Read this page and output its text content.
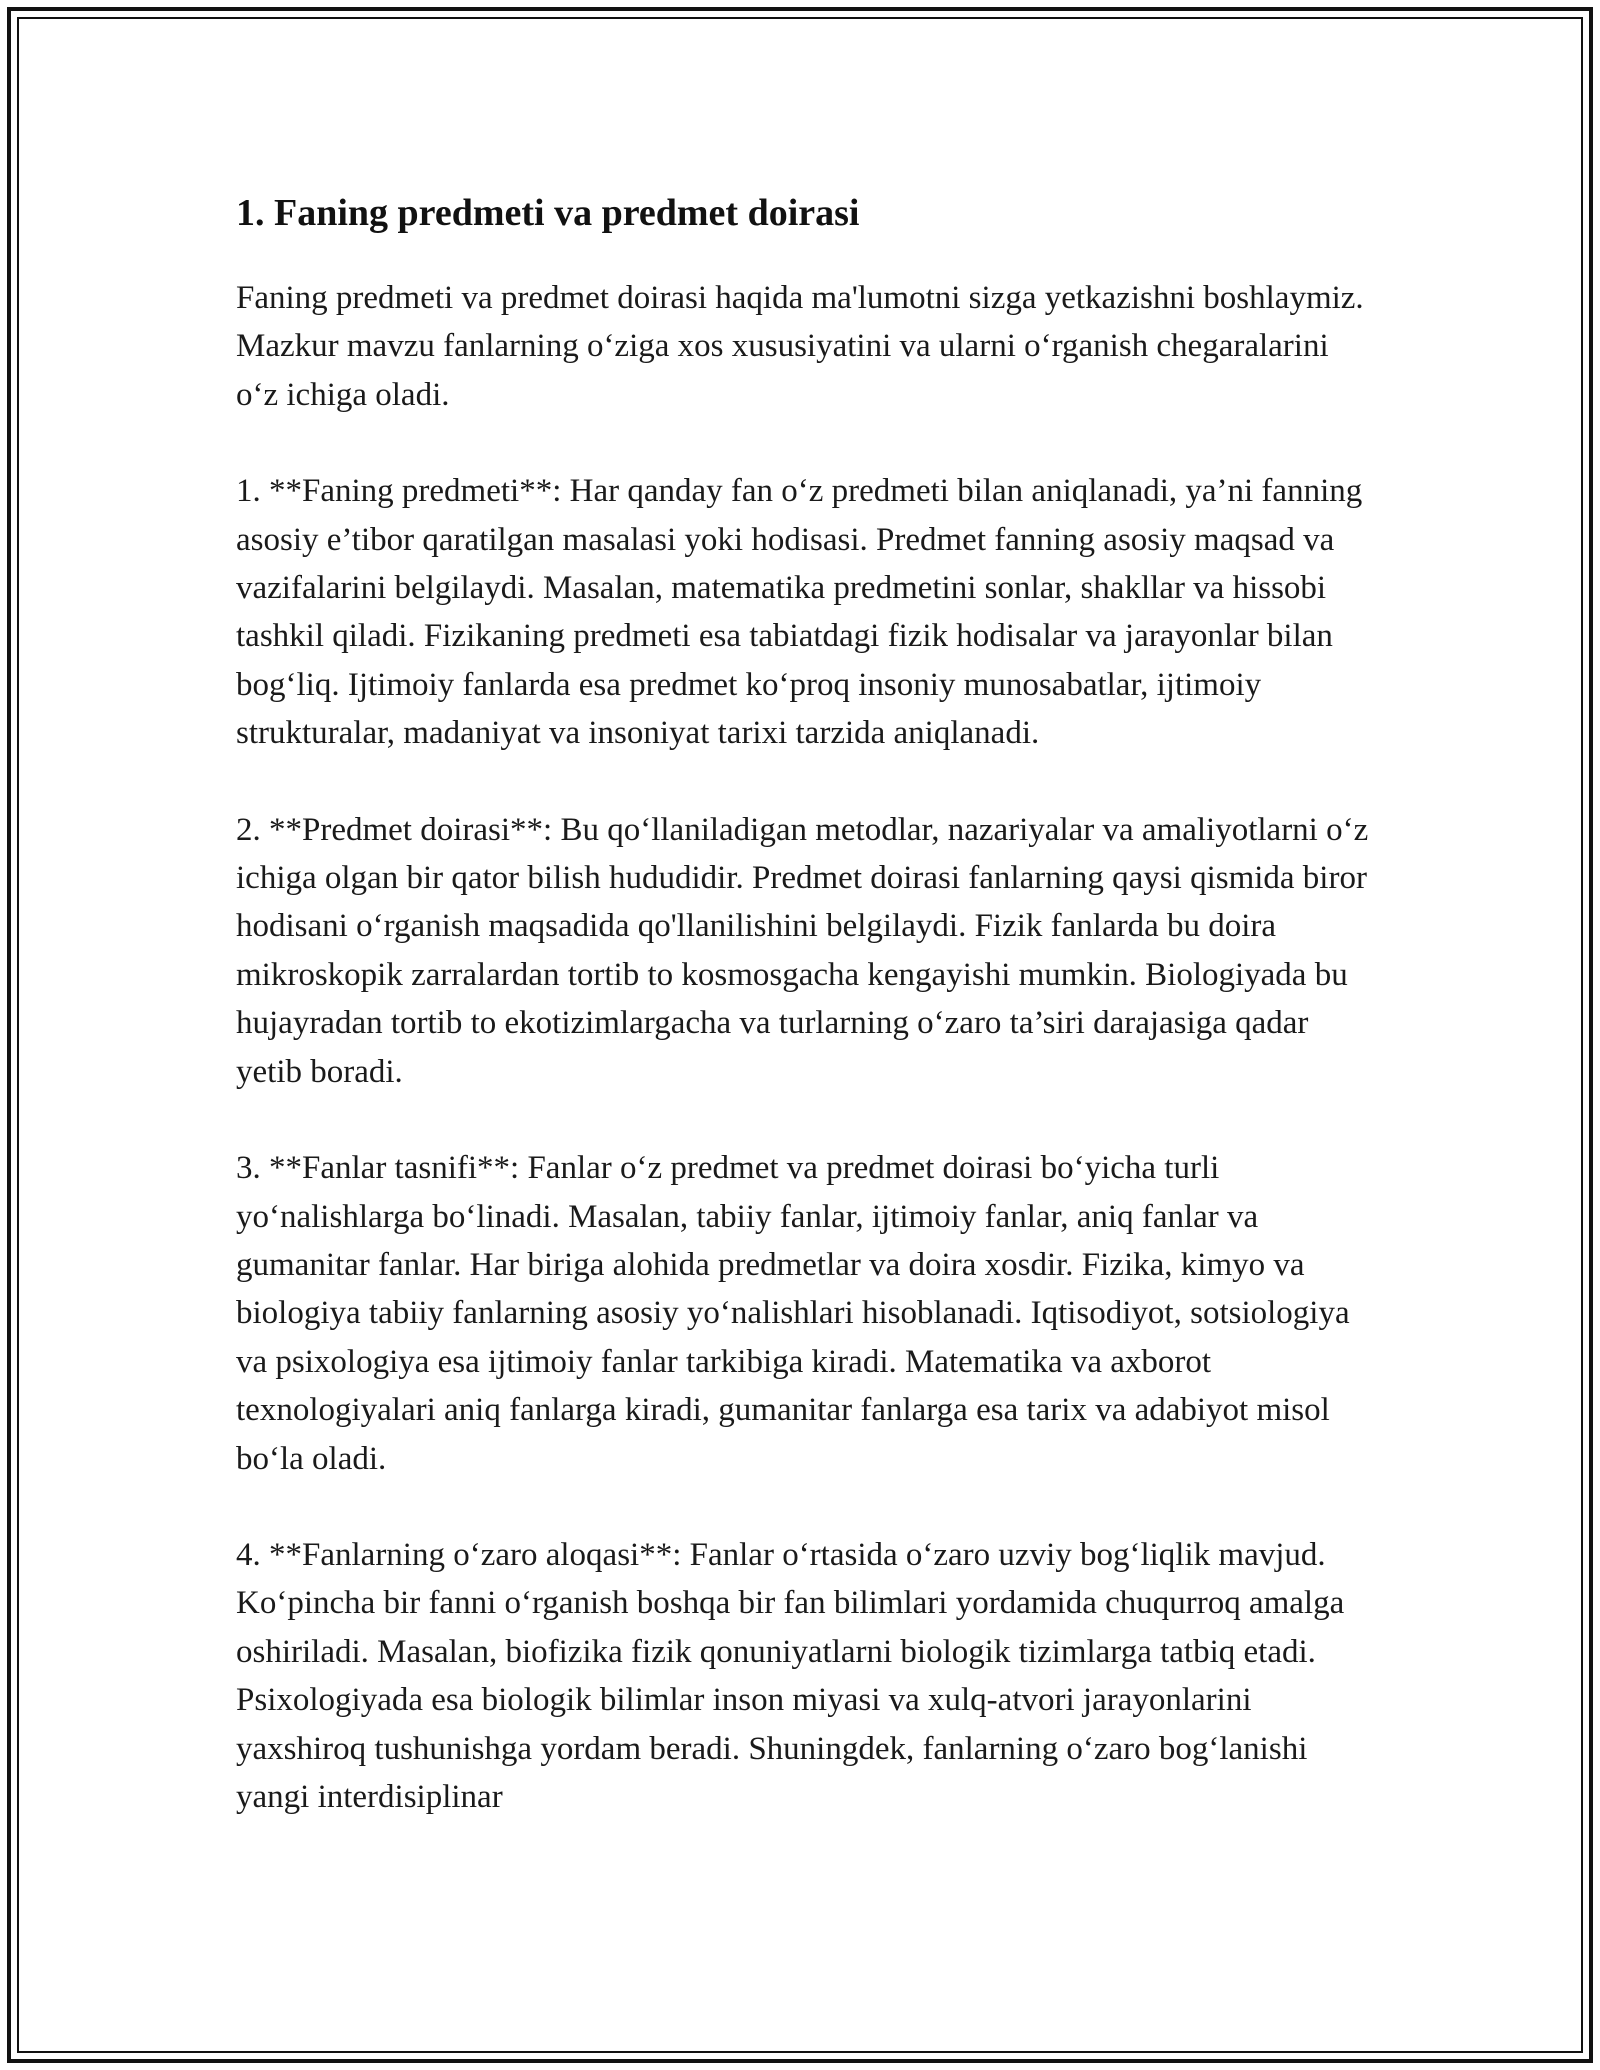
1. Faning predmeti va predmet doirasi

Faning predmeti va predmet doirasi haqida ma'lumotni sizga yetkazishni boshlaymiz. Mazkur mavzu fanlarning o‘ziga xos xususiyatini va ularni o‘rganish chegaralarini o‘z ichiga oladi.

1. **Faning predmeti**: Har qanday fan o‘z predmeti bilan aniqlanadi, ya’ni fanning asosiy e’tibor qaratilgan masalasi yoki hodisasi. Predmet fanning asosiy maqsad va vazifalarini belgilaydi. Masalan, matematika predmetini sonlar, shakllar va hissobi tashkil qiladi. Fizikaning predmeti esa tabiatdagi fizik hodisalar va jarayonlar bilan bog‘liq. Ijtimoiy fanlarda esa predmet ko‘proq insoniy munosabatlar, ijtimoiy strukturalar, madaniyat va insoniyat tarixi tarzida aniqlanadi.

2. **Predmet doirasi**: Bu qo‘llaniladigan metodlar, nazariyalar va amaliyotlarni o‘z ichiga olgan bir qator bilish hududidir. Predmet doirasi fanlarning qaysi qismida biror hodisani o‘rganish maqsadida qo'llanilishini belgilaydi. Fizik fanlarda bu doira mikroskopik zarralardan tortib to kosmosgacha kengayishi mumkin. Biologiyada bu hujayradan tortib to ekotizimlargacha va turlarning o‘zaro ta’siri darajasiga qadar yetib boradi.

3. **Fanlar tasnifi**: Fanlar o‘z predmet va predmet doirasi bo‘yicha turli yo‘nalishlarga bo‘linadi. Masalan, tabiiy fanlar, ijtimoiy fanlar, aniq fanlar va gumanitar fanlar. Har biriga alohida predmetlar va doira xosdir. Fizika, kimyo va biologiya tabiiy fanlarning asosiy yo‘nalishlari hisoblanadi. Iqtisodiyot, sotsiologiya va psixologiya esa ijtimoiy fanlar tarkibiga kiradi. Matematika va axborot texnologiyalari aniq fanlarga kiradi, gumanitar fanlarga esa tarix va adabiyot misol bo‘la oladi.

4. **Fanlarning o‘zaro aloqasi**: Fanlar o‘rtasida o‘zaro uzviy bog‘liqlik mavjud. Ko‘pincha bir fanni o‘rganish boshqa bir fan bilimlari yordamida chuqurroq amalga oshiriladi. Masalan, biofizika fizik qonuniyatlarni biologik tizimlarga tatbiq etadi. Psixologiyada esa biologik bilimlar inson miyasi va xulq-atvori jarayonlarini yaxshiroq tushunishga yordam beradi. Shuningdek, fanlarning o‘zaro bog‘lanishi yangi interdisiplinar
